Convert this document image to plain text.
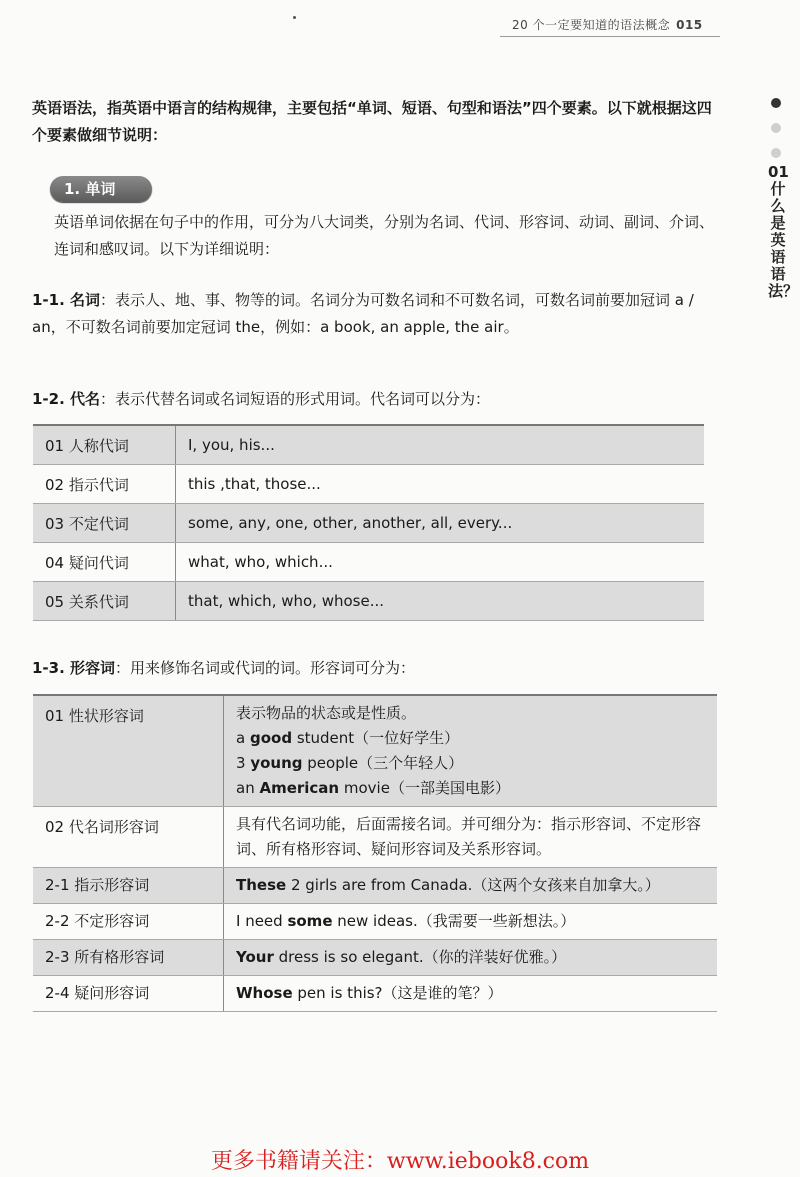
20 个一定要知道的语法概念 015
01什么是英语语法？
英语语法，指英语中语言的结构规律，主要包括“单词、短语、句型和语法”四个要素。以下就根据这四个要素做细节说明：
1. 单词
英语单词依据在句子中的作用，可分为八大词类，分别为名词、代词、形容词、动词、副词、介词、连词和感叹词。以下为详细说明：
1-1. 名词：表示人、地、事、物等的词。名词分为可数名词和不可数名词，可数名词前要加冠词 a / an，不可数名词前要加定冠词 the，例如：a book, an apple, the air。
1-2. 代名：表示代替名词或名词短语的形式用词。代名词可以分为：
01 人称代词	I, you, his...
02 指示代词	this ,that, those...
03 不定代词	some, any, one, other, another, all, every...
04 疑问代词	what, who, which...
05 关系代词	that, which, who, whose...
1-3. 形容词：用来修饰名词或代词的词。形容词可分为：
01 性状形容词	表示物品的状态或是性质。
a good student（一位好学生）
3 young people（三个年轻人）
an American movie（一部美国电影）

02 代名词形容词	具有代名词功能，后面需接名词。并可细分为：指示形容词、不定形容词、所有格形容词、疑问形容词及关系形容词。
2-1 指示形容词	These 2 girls are from Canada.（这两个女孩来自加拿大。）
2-2 不定形容词	I need some new ideas.（我需要一些新想法。）
2-3 所有格形容词	Your dress is so elegant.（你的洋装好优雅。）
2-4 疑问形容词	Whose pen is this?（这是谁的笔？）
更多书籍请关注：www.iebook8.com
